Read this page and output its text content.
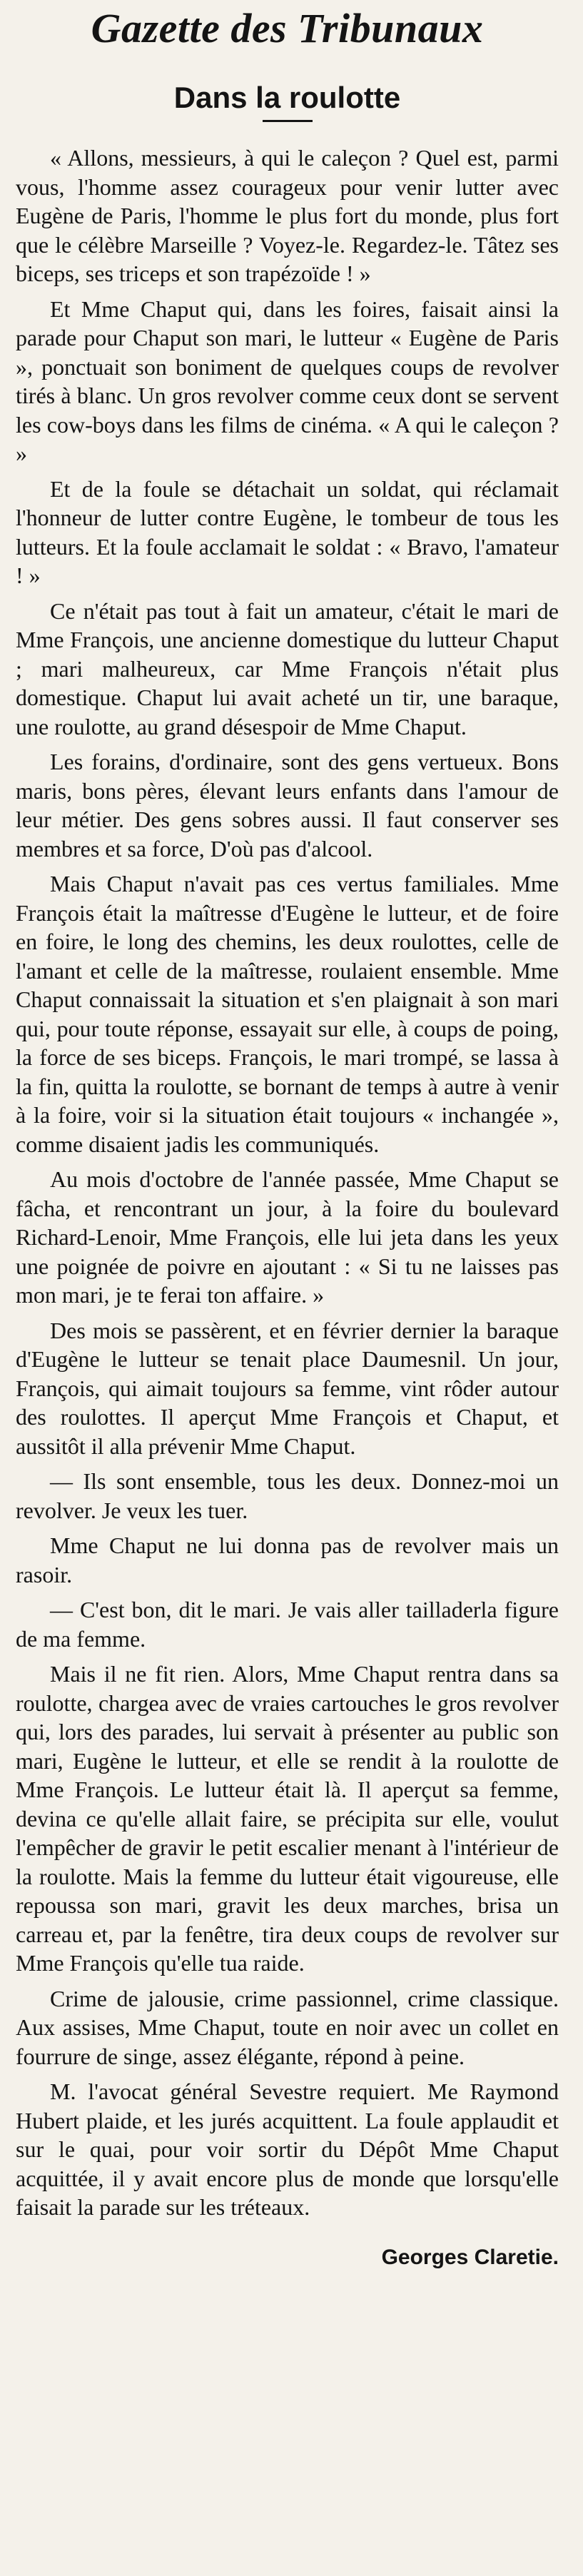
Gazette des Tribunaux
Dans la roulotte

« Allons, messieurs, à qui le caleçon ? Quel est, parmi vous, l'homme assez courageux pour venir lutter avec Eugène de Paris, l'homme le plus fort du monde, plus fort que le célèbre Marseille ? Voyez-le. Regardez-le. Tâtez ses biceps, ses triceps et son trapézoïde ! »

Et Mme Chaput qui, dans les foires, faisait ainsi la parade pour Chaput son mari, le lutteur « Eugène de Paris », ponctuait son boniment de quelques coups de revolver tirés à blanc. Un gros revolver comme ceux dont se servent les cow-boys dans les films de cinéma. « A qui le caleçon ? »

Et de la foule se détachait un soldat, qui réclamait l'honneur de lutter contre Eugène, le tombeur de tous les lutteurs. Et la foule acclamait le soldat : « Bravo, l'amateur ! »

Ce n'était pas tout à fait un amateur, c'était le mari de Mme François, une ancienne domestique du lutteur Chaput ; mari malheureux, car Mme François n'était plus domestique. Chaput lui avait acheté un tir, une baraque, une roulotte, au grand désespoir de Mme Chaput.

Les forains, d'ordinaire, sont des gens vertueux. Bons maris, bons pères, élevant leurs enfants dans l'amour de leur métier. Des gens sobres aussi. Il faut conserver ses membres et sa force, D'où pas d'alcool.

Mais Chaput n'avait pas ces vertus familiales. Mme François était la maîtresse d'Eugène le lutteur, et de foire en foire, le long des chemins, les deux roulottes, celle de l'amant et celle de la maîtresse, roulaient ensemble. Mme Chaput connaissait la situation et s'en plaignait à son mari qui, pour toute réponse, essayait sur elle, à coups de poing, la force de ses biceps. François, le mari trompé, se lassa à la fin, quitta la roulotte, se bornant de temps à autre à venir à la foire, voir si la situation était toujours « inchangée », comme disaient jadis les communiqués.

Au mois d'octobre de l'année passée, Mme Chaput se fâcha, et rencontrant un jour, à la foire du boulevard Richard-Lenoir, Mme François, elle lui jeta dans les yeux une poignée de poivre en ajoutant : « Si tu ne laisses pas mon mari, je te ferai ton affaire. »

Des mois se passèrent, et en février dernier la baraque d'Eugène le lutteur se tenait place Daumesnil. Un jour, François, qui aimait toujours sa femme, vint rôder autour des roulottes. Il aperçut Mme François et Chaput, et aussitôt il alla prévenir Mme Chaput.

— Ils sont ensemble, tous les deux. Donnez-moi un revolver. Je veux les tuer.

Mme Chaput ne lui donna pas de revolver mais un rasoir.

— C'est bon, dit le mari. Je vais aller tailladerla figure de ma femme.

Mais il ne fit rien. Alors, Mme Chaput rentra dans sa roulotte, chargea avec de vraies cartouches le gros revolver qui, lors des parades, lui servait à présenter au public son mari, Eugène le lutteur, et elle se rendit à la roulotte de Mme François. Le lutteur était là. Il aperçut sa femme, devina ce qu'elle allait faire, se précipita sur elle, voulut l'empêcher de gravir le petit escalier menant à l'intérieur de la roulotte. Mais la femme du lutteur était vigoureuse, elle repoussa son mari, gravit les deux marches, brisa un carreau et, par la fenêtre, tira deux coups de revolver sur Mme François qu'elle tua raide.

Crime de jalousie, crime passionnel, crime classique. Aux assises, Mme Chaput, toute en noir avec un collet en fourrure de singe, assez élégante, répond à peine.

M. l'avocat général Sevestre requiert. Me Raymond Hubert plaide, et les jurés acquittent. La foule applaudit et sur le quai, pour voir sortir du Dépôt Mme Chaput acquittée, il y avait encore plus de monde que lorsqu'elle faisait la parade sur les tréteaux.

Georges Claretie.
